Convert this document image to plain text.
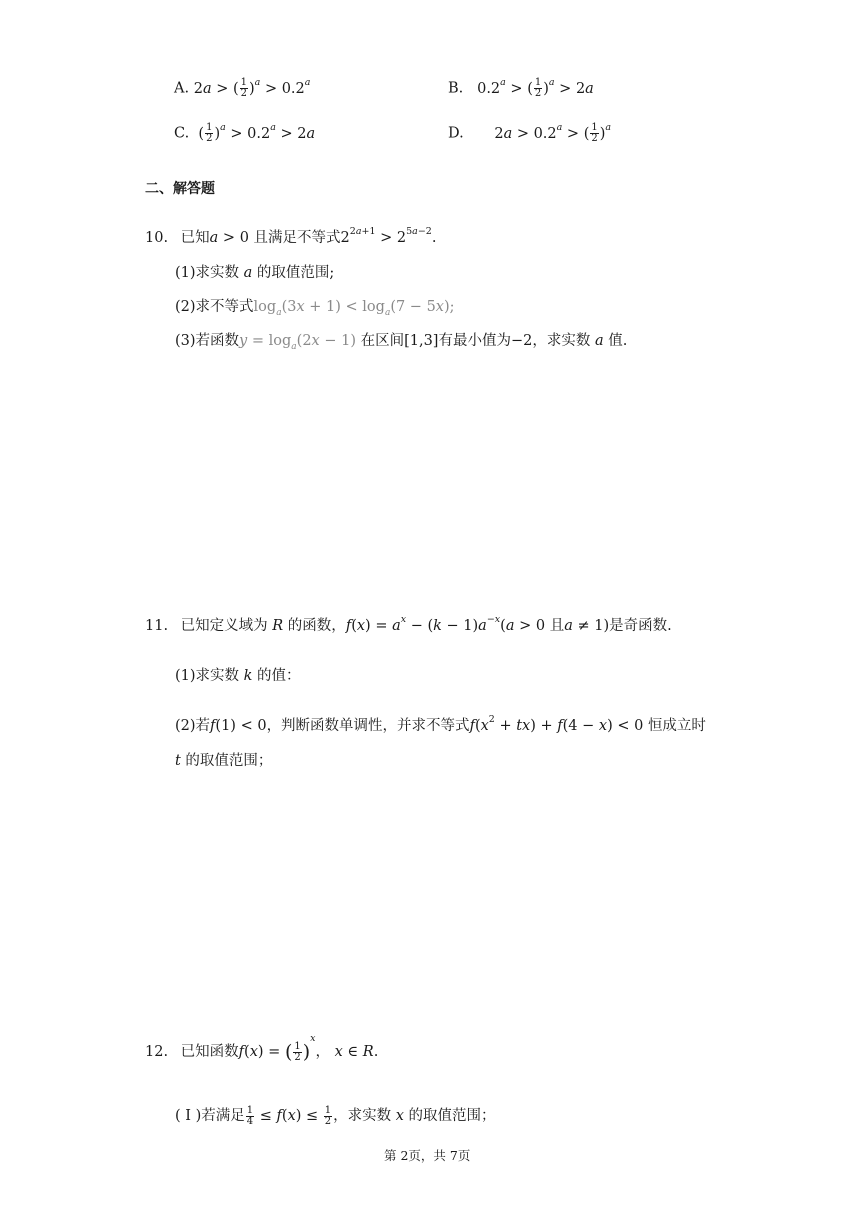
A. 2a > ( $\frac{1}{2} )^a > 0.2^a$	B.   0.2$^a$ > ( $\frac{1}{2} )^a > 2a$
C.  ( $\frac{1}{2} )^a > 0.2^a > 2a$	D. 2a > 0.2$^a$ > ( $\frac{1}{2} )^a$
二、解答题
10. 已知a > 0 且满足不等式$2^{2a+1} > 2^{5a-2}$.
(1)求实数 a 的取值范围;
(2)求不等式$\log_a(3x + 1) < \log_a(7 - 5x)$;
(3)若函数$y = \log_a(2x - 1)$ 在区间[1,3]有最小值为−2，求实数 a 值.
11. 已知定义域为 R 的函数，$f(x) = a^x - (k - 1)a^{-x}(a > 0$ 且a ≠ 1)是奇函数.
(1)求实数 k 的值：
(2)若f(1) < 0，判断函数单调性，并求不等式$f(x^2 + tx) + f(4 - x) < 0$ 恒成立时
t 的取值范围；
12. 已知函数f(x) = ( $\frac{1}{2} )^x$， x ∈ R.
( I )若满足 $\frac{1}{4} \le f(x) \le \frac{1}{2}$ ，求实数 x 的取值范围；
第 2页，共 7页
